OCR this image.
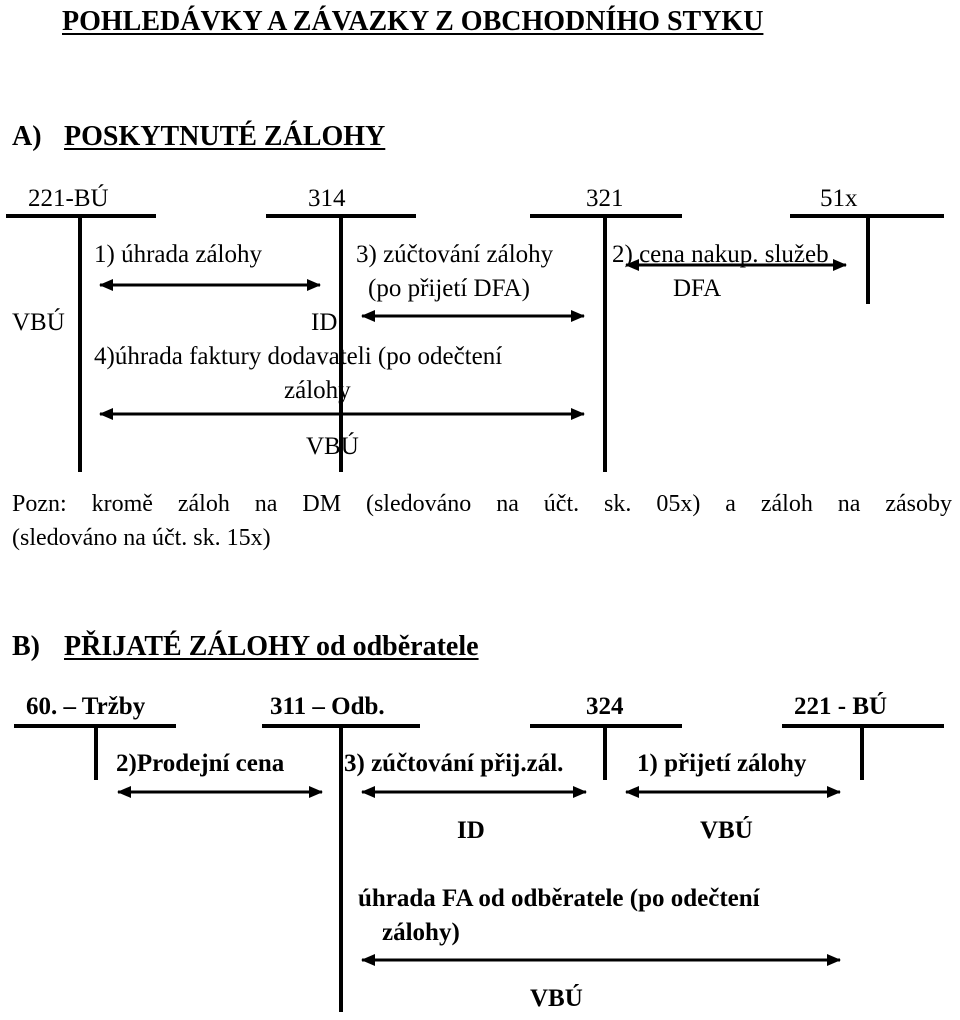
POHLEDÁVKY A ZÁVAZKY Z OBCHODNÍHO STYKU
A) POSKYTNUTÉ ZÁLOHY
221-BÚ	314	321	51x
1) úhrada zálohy	3) zúčtování zálohy
(po přijetí DFA)
2) cena nakup. služeb
DFA
VBÚ	ID
4)úhrada faktury dodavateli (po odečtení
zálohy
VBÚ
Pozn: kromě záloh na DM (sledováno na účt. sk. 05x) a záloh na zásoby
(sledováno na účt. sk. 15x)
B) PŘIJATÉ ZÁLOHY od odběratele
60. – Tržby	311 – Odb.	324	221 - BÚ
2)Prodejní cena 3) zúčtování přij.zál.	1) přijetí zálohy
ID	VBÚ
úhrada FA od odběratele (po odečtení
zálohy)
VBÚ
